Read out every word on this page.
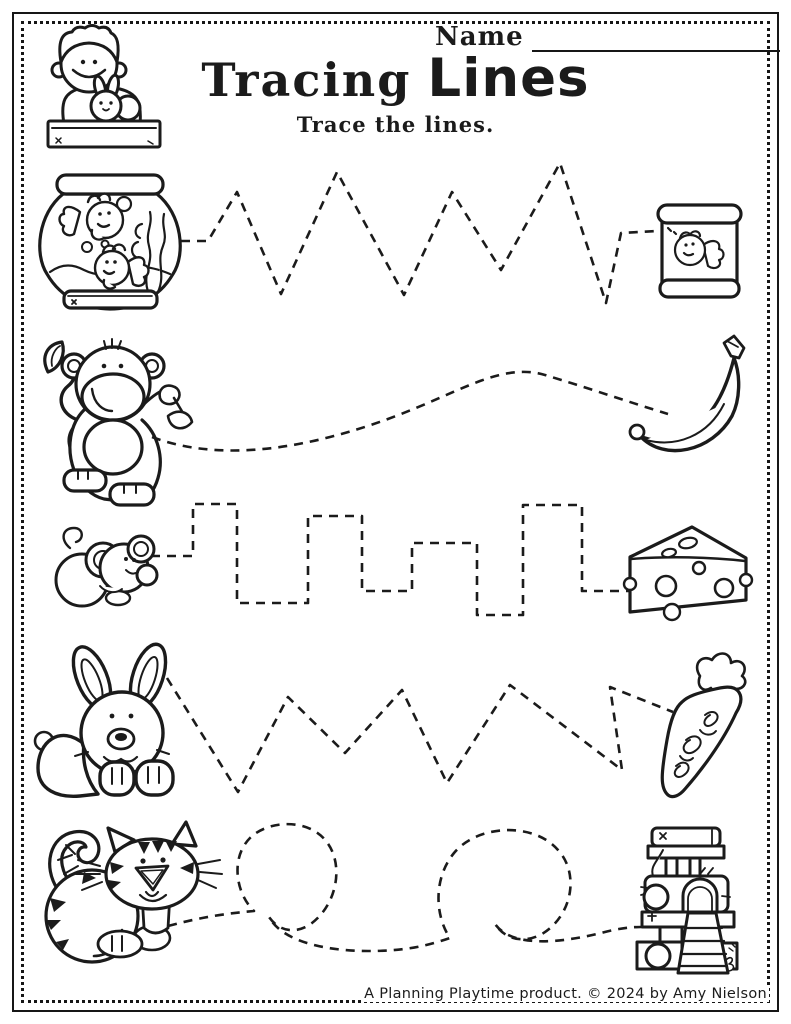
Name
Tracing Lines
Trace the lines.
A Planning Playtime product. © 2024 by Amy Nielson
